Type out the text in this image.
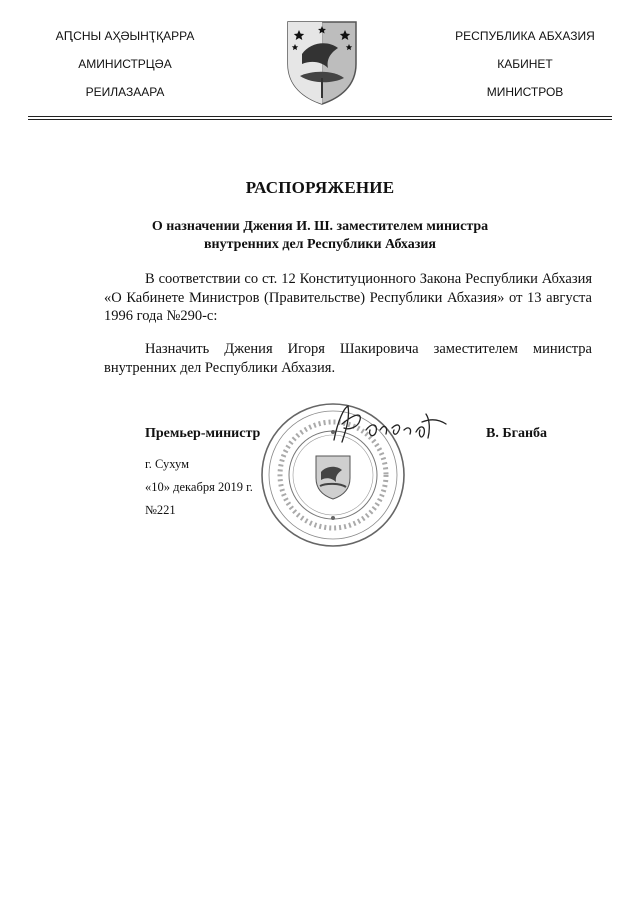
АԤСНЫ АҲӘЫНҬҚАРРА
АМИНИСТРЦӘА
РЕИЛАЗААРА
РЕСПУБЛИКА АБХАЗИЯ
КАБИНЕТ
МИНИСТРОВ
РАСПОРЯЖЕНИЕ
О назначении Джения И. Ш. заместителем министра
внутренних дел Республики Абхазия
В соответствии со ст. 12 Конституционного Закона Республики Абхазия «О Кабинете Министров (Правительстве) Республики Абхазия» от 13 августа 1996 года №290-с:
Назначить Джения Игоря Шакировича заместителем министра внутренних дел Республики Абхазия.
Премьер-министр	В. Бганба
г. Сухум
«10» декабря 2019 г.
№221
